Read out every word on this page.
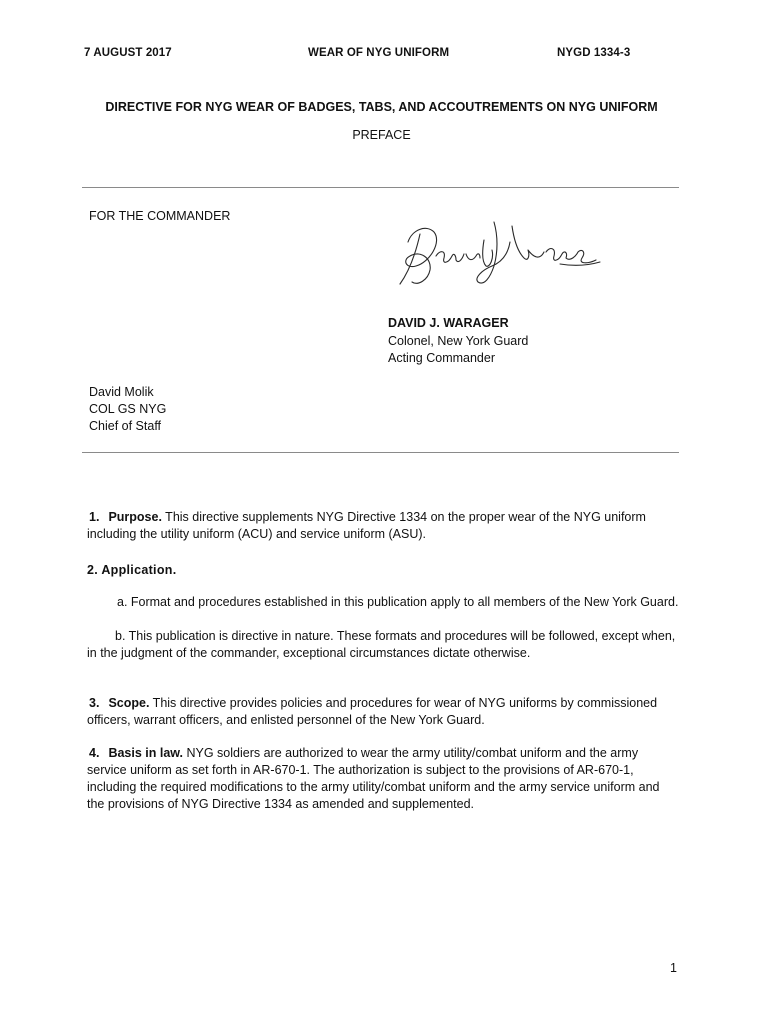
7 AUGUST 2017	WEAR OF NYG UNIFORM	NYGD 1334-3
DIRECTIVE FOR NYG WEAR OF BADGES, TABS, AND ACCOUTREMENTS ON NYG UNIFORM
PREFACE
FOR THE COMMANDER
DAVID J. WARAGER
Colonel, New York Guard
Acting Commander
David Molik
COL GS NYG
Chief of Staff
1. Purpose. This directive supplements NYG Directive 1334 on the proper wear of the NYG uniform including the utility uniform (ACU) and service uniform (ASU).
2. Application.
a. Format and procedures established in this publication apply to all members of the New York Guard.
b. This publication is directive in nature. These formats and procedures will be followed, except when, in the judgment of the commander, exceptional circumstances dictate otherwise.
3. Scope. This directive provides policies and procedures for wear of NYG uniforms by commissioned officers, warrant officers, and enlisted personnel of the New York Guard.
4. Basis in law. NYG soldiers are authorized to wear the army utility/combat uniform and the army service uniform as set forth in AR-670-1. The authorization is subject to the provisions of AR-670-1, including the required modifications to the army utility/combat uniform and the army service uniform and the provisions of NYG Directive 1334 as amended and supplemented.
1
